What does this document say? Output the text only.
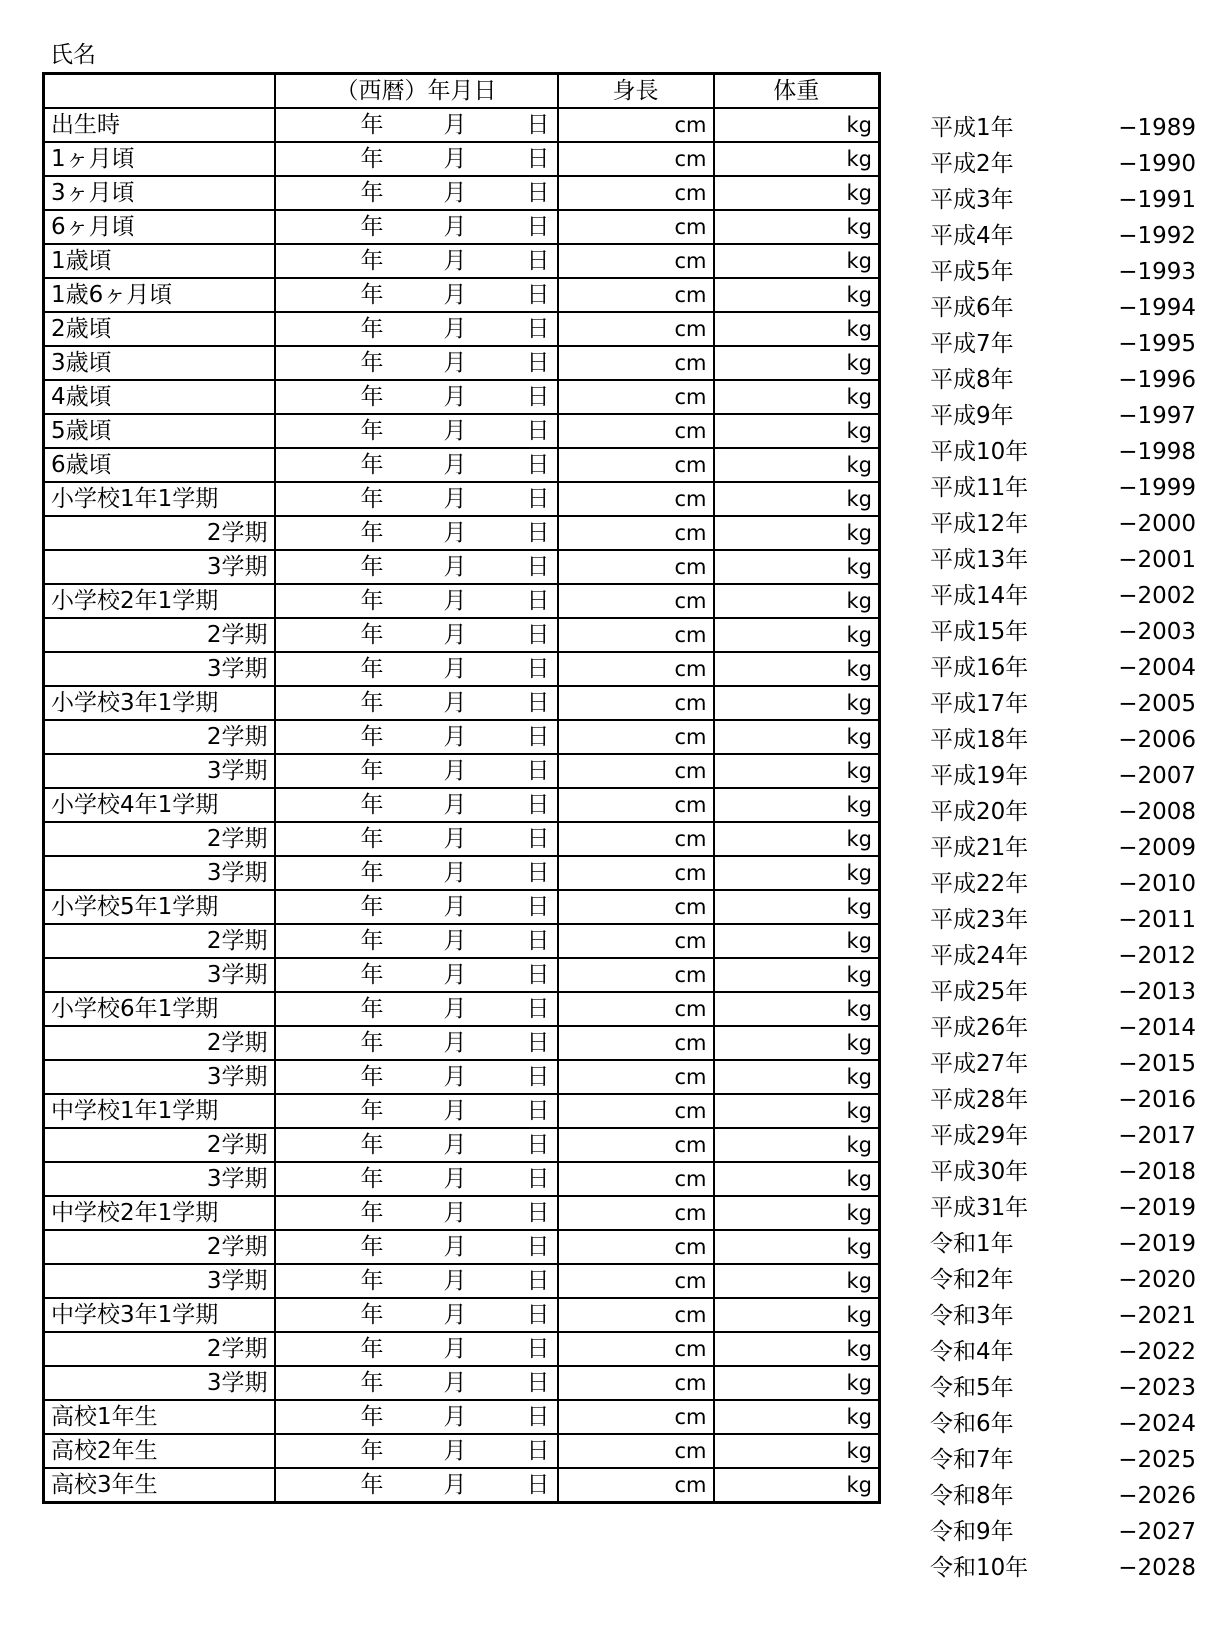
氏名
	（西暦）年月日	身長	体重
出生時	年 月 日	cm	kg
1ヶ月頃	年 月 日	cm	kg
3ヶ月頃	年 月 日	cm	kg
6ヶ月頃	年 月 日	cm	kg
1歳頃	年 月 日	cm	kg
1歳6ヶ月頃	年 月 日	cm	kg
2歳頃	年 月 日	cm	kg
3歳頃	年 月 日	cm	kg
4歳頃	年 月 日	cm	kg
5歳頃	年 月 日	cm	kg
6歳頃	年 月 日	cm	kg
小学校1年1学期	年 月 日	cm	kg
2学期	年 月 日	cm	kg
3学期	年 月 日	cm	kg
小学校2年1学期	年 月 日	cm	kg
2学期	年 月 日	cm	kg
3学期	年 月 日	cm	kg
小学校3年1学期	年 月 日	cm	kg
2学期	年 月 日	cm	kg
3学期	年 月 日	cm	kg
小学校4年1学期	年 月 日	cm	kg
2学期	年 月 日	cm	kg
3学期	年 月 日	cm	kg
小学校5年1学期	年 月 日	cm	kg
2学期	年 月 日	cm	kg
3学期	年 月 日	cm	kg
小学校6年1学期	年 月 日	cm	kg
2学期	年 月 日	cm	kg
3学期	年 月 日	cm	kg
中学校1年1学期	年 月 日	cm	kg
2学期	年 月 日	cm	kg
3学期	年 月 日	cm	kg
中学校2年1学期	年 月 日	cm	kg
2学期	年 月 日	cm	kg
3学期	年 月 日	cm	kg
中学校3年1学期	年 月 日	cm	kg
2学期	年 月 日	cm	kg
3学期	年 月 日	cm	kg
高校1年生	年 月 日	cm	kg
高校2年生	年 月 日	cm	kg
高校3年生	年 月 日	cm	kg
平成1年	−1989
平成2年	−1990
平成3年	−1991
平成4年	−1992
平成5年	−1993
平成6年	−1994
平成7年	−1995
平成8年	−1996
平成9年	−1997
平成10年	−1998
平成11年	−1999
平成12年	−2000
平成13年	−2001
平成14年	−2002
平成15年	−2003
平成16年	−2004
平成17年	−2005
平成18年	−2006
平成19年	−2007
平成20年	−2008
平成21年	−2009
平成22年	−2010
平成23年	−2011
平成24年	−2012
平成25年	−2013
平成26年	−2014
平成27年	−2015
平成28年	−2016
平成29年	−2017
平成30年	−2018
平成31年	−2019
令和1年	−2019
令和2年	−2020
令和3年	−2021
令和4年	−2022
令和5年	−2023
令和6年	−2024
令和7年	−2025
令和8年	−2026
令和9年	−2027
令和10年	−2028
